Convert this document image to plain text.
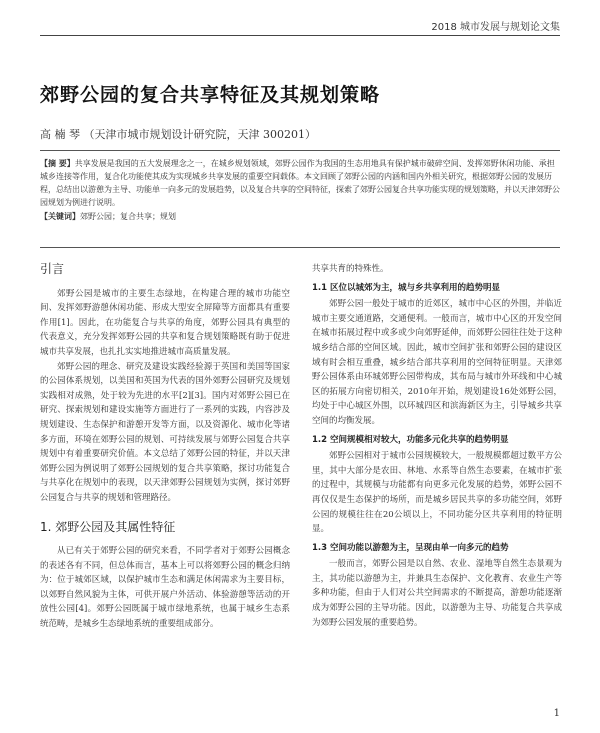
2018 城市发展与规划论文集
郊野公园的复合共享特征及其规划策略
高 楠 琴 （天津市城市规划设计研究院，天津 300201）
【摘 要】共享发展是我国的五大发展理念之一，在城乡规划领域，郊野公园作为我国的生态用地具有保护城市破碎空间、发挥郊野休闲功能、承担城乡连接等作用，复合化功能使其成为实现城乡共享发展的重要空间载体。本文回顾了郊野公园的内涵和国内外相关研究，根据郊野公园的发展历程，总结出以游憩为主导、功能单一向多元的发展趋势，以及复合共享的空间特征，探索了郊野公园复合共享功能实现的规划策略，并以天津郊野公园规划为例进行说明。
【关键词】郊野公园；复合共享；规划
引言

郊野公园是城市的主要生态绿地，在构建合理的城市功能空间、发挥郊野游憩休闲功能、形成大型安全屏障等方面都具有重要作用[1]。因此，在功能复合与共享的角度，郊野公园具有典型的代表意义，充分发挥郊野公园的共享和复合规划策略既有助于促进城市共享发展，也扎扎实实地推进城市高质量发展。

郊野公园的理念、研究及建设实践经验源于英国和美国等国家的公园体系规划，以美国和英国为代表的国外郊野公园研究及规划实践相对成熟，处于较为先进的水平[2][3]。国内对郊野公园已在研究、探索规划和建设实施等方面进行了一系列的实践，内容涉及规划建设、生态保护和游憩开发等方面，以及资源化、城市化等诸多方面，环境在郊野公园的规划、可持续发展与郊野公园复合共享规划中有着重要研究价值。本文总结了郊野公园的特征，并以天津郊野公园为例说明了郊野公园规划的复合共享策略，探讨功能复合与共享化在规划中的表现，以天津郊野公园规划为实例，探讨郊野公园复合与共享的规划和管理路径。

1. 郊野公园及其属性特征

从已有关于郊野公园的研究来看，不同学者对于郊野公园概念的表述各有不同，但总体而言，基本上可以将郊野公园的概念归纳为：位于城郊区域，以保护城市生态和满足休闲需求为主要目标，以郊野自然风貌为主体，可供开展户外活动、体验游憩等活动的开放性公园[4]。郊野公园既属于城市绿地系统，也属于城乡生态系统范畴，是城乡生态绿地系统的重要组成部分。

共享共育的特殊性。

1.1 区位以城郊为主，城与乡共享利用的趋势明显

郊野公园一般处于城市的近郊区，城市中心区的外围，并临近城市主要交通道路，交通便利。一般而言，城市中心区的开发空间在城市拓展过程中或多或少向郊野延伸，而郊野公园往往处于这种城乡结合部的空间区域。因此，城市空间扩张和郊野公园的建设区域有时会相互重叠，城乡结合部共享利用的空间特征明显。天津郊野公园体系由环城郊野公园带构成，其布局与城市外环线和中心城区的拓展方向密切相关，2010年开始，规划建设16处郊野公园，均处于中心城区外围，以环城四区和滨海新区为主，引导城乡共享空间的均衡发展。

1.2 空间规模相对较大，功能多元化共享的趋势明显

郊野公园相对于城市公园规模较大，一般规模都超过数平方公里，其中大部分是农田、林地、水系等自然生态要素，在城市扩张的过程中，其规模与功能都有向更多元化发展的趋势，郊野公园不再仅仅是生态保护的场所，而是城乡居民共享的多功能空间，郊野公园的规模往往在20公顷以上，不同功能分区共享利用的特征明显。

1.3 空间功能以游憩为主，呈现由单一向多元的趋势

一般而言，郊野公园是以自然、农业、湿地等自然生态景观为主，其功能以游憩为主，并兼具生态保护、文化教育、农业生产等多种功能，但由于人们对公共空间需求的不断提高，游憩功能逐渐成为郊野公园的主导功能。因此，以游憩为主导、功能复合共享成为郊野公园发展的重要趋势。

1
